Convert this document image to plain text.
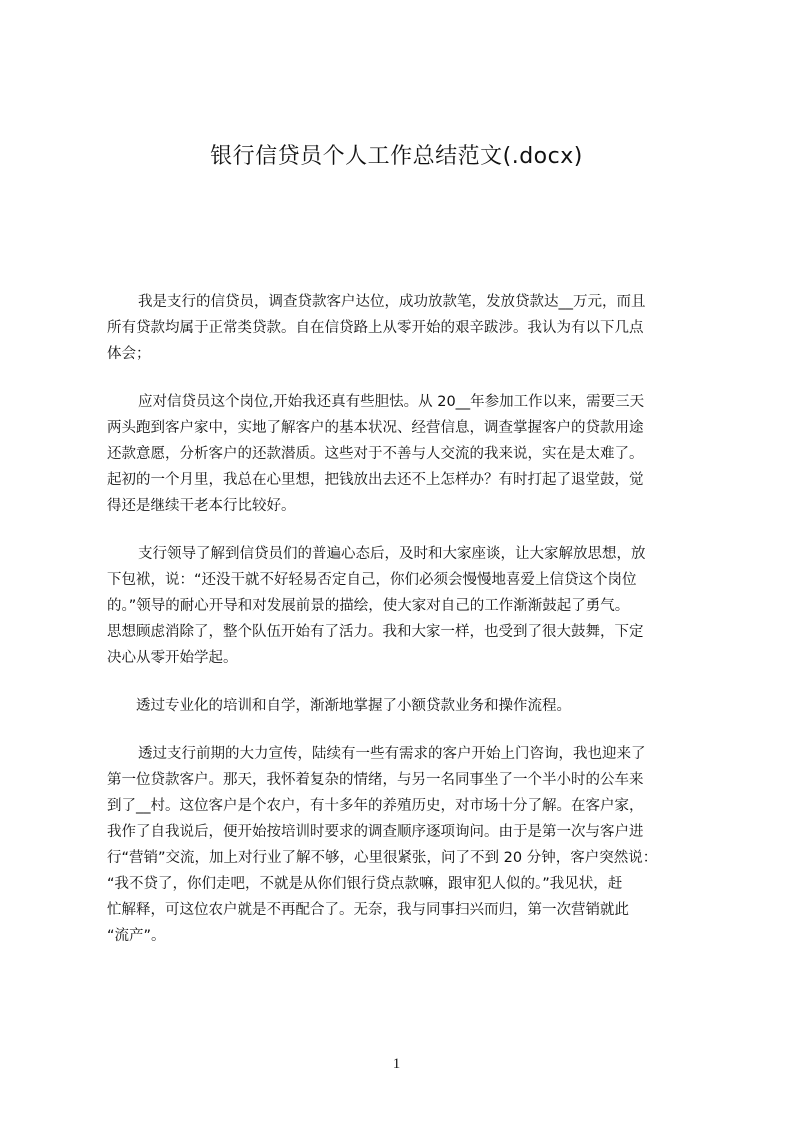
银行信贷员个人工作总结范文(.docx)
我是支行的信贷员，调查贷款客户达位，成功放款笔，发放贷款达__万元，而且
所有贷款均属于正常类贷款。自在信贷路上从零开始的艰辛跋涉。我认为有以下几点
体会；
应对信贷员这个岗位,开始我还真有些胆怯。从 20__年参加工作以来，需要三天
两头跑到客户家中，实地了解客户的基本状况、经营信息，调查掌握客户的贷款用途
还款意愿，分析客户的还款潜质。这些对于不善与人交流的我来说，实在是太难了。
起初的一个月里，我总在心里想，把钱放出去还不上怎样办？有时打起了退堂鼓，觉
得还是继续干老本行比较好。
支行领导了解到信贷员们的普遍心态后，及时和大家座谈，让大家解放思想，放
下包袱，说：“还没干就不好轻易否定自己，你们必须会慢慢地喜爱上信贷这个岗位
的。”领导的耐心开导和对发展前景的描绘，使大家对自己的工作渐渐鼓起了勇气。
思想顾虑消除了，整个队伍开始有了活力。我和大家一样，也受到了很大鼓舞，下定
决心从零开始学起。
透过专业化的培训和自学，渐渐地掌握了小额贷款业务和操作流程。
透过支行前期的大力宣传，陆续有一些有需求的客户开始上门咨询，我也迎来了
第一位贷款客户。那天，我怀着复杂的情绪，与另一名同事坐了一个半小时的公车来
到了__村。这位客户是个农户，有十多年的养殖历史，对市场十分了解。在客户家，
我作了自我说后，便开始按培训时要求的调查顺序逐项询问。由于是第一次与客户进
行“营销”交流，加上对行业了解不够，心里很紧张，问了不到 20 分钟，客户突然说：
“我不贷了，你们走吧，不就是从你们银行贷点款嘛，跟审犯人似的。”我见状，赶
忙解释，可这位农户就是不再配合了。无奈，我与同事扫兴而归，第一次营销就此
“流产”。
1
